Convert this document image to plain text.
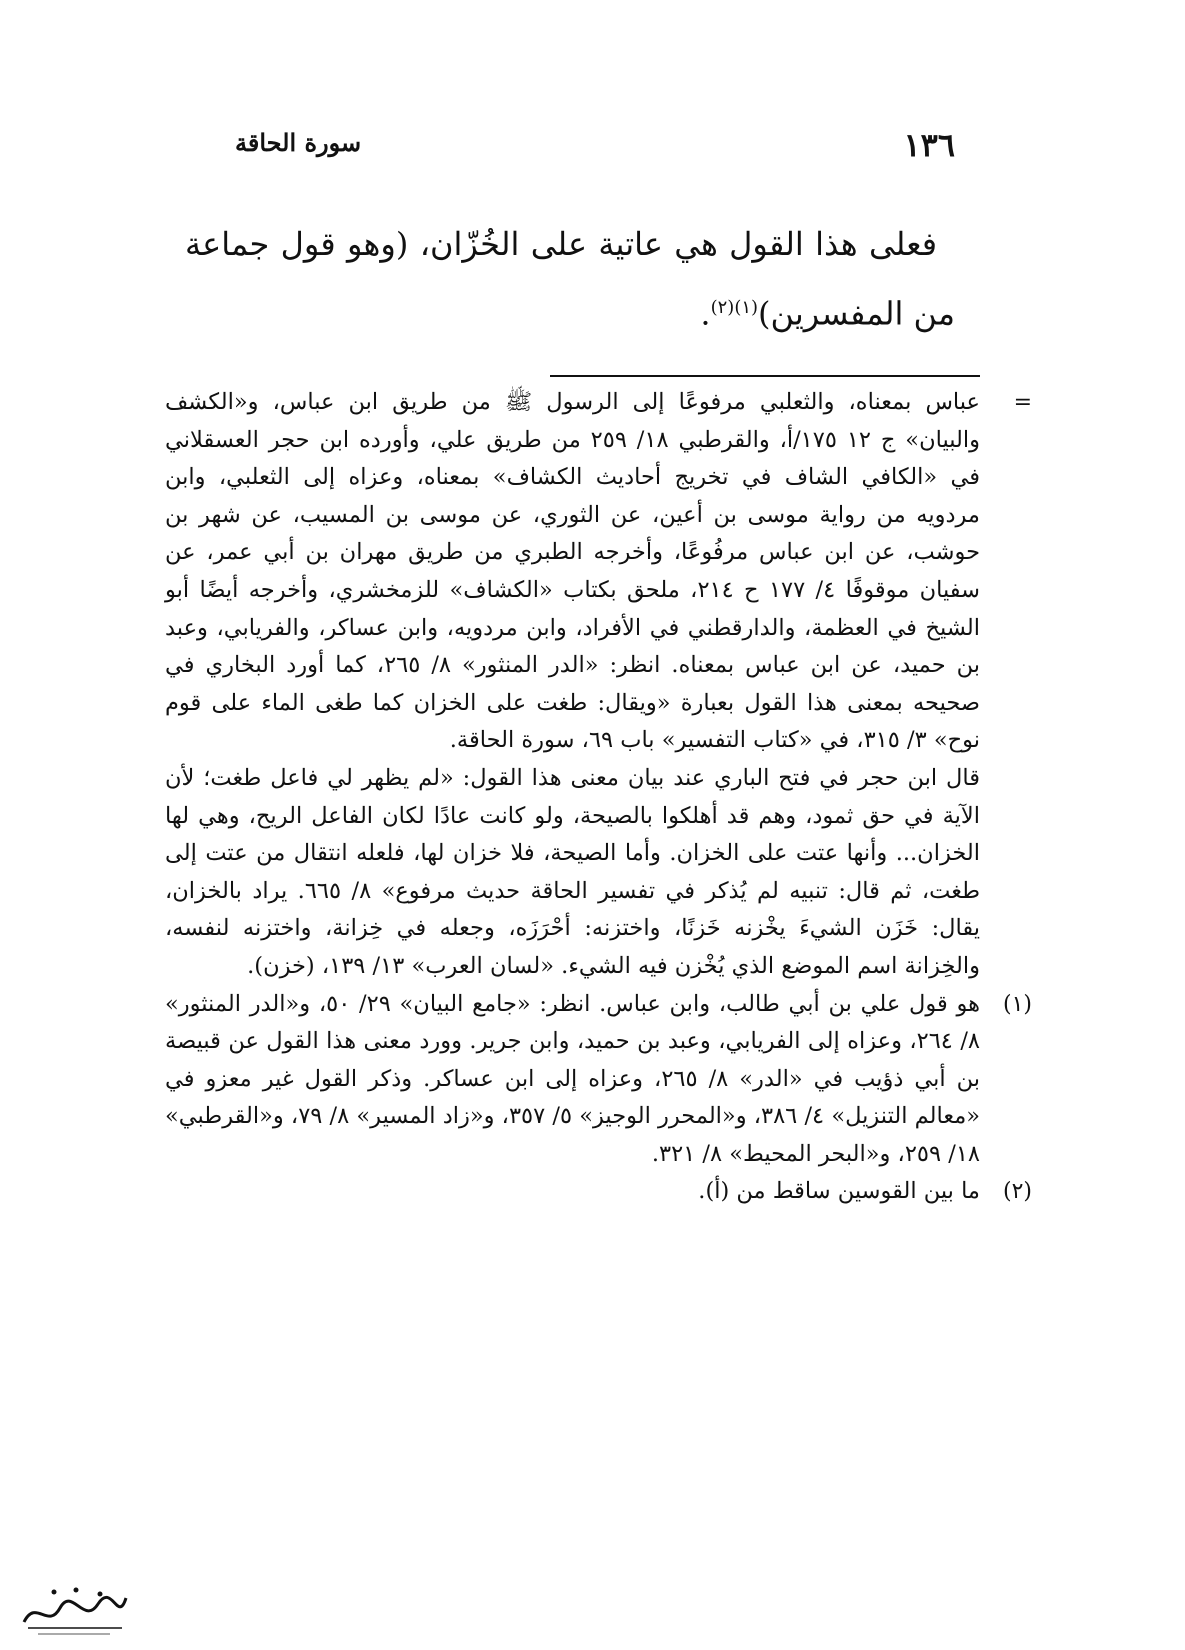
١٣٦
سورة الحاقة

فعلى هذا القول هي عاتية على الخُزّان، (وهو قول جماعة من المفسرين)$^{(١)(٢)}$.

=
عباس بمعناه، والثعلبي مرفوعًا إلى الرسول ﷺ من طريق ابن عباس، و«الكشف والبيان» ج ١٢ ١٧٥/أ، والقرطبي ١٨/ ٢٥٩ من طريق علي، وأورده ابن حجر العسقلاني في «الكافي الشاف في تخريج أحاديث الكشاف» بمعناه، وعزاه إلى الثعلبي، وابن مردويه من رواية موسى بن أعين، عن الثوري، عن موسى بن المسيب، عن شهر بن حوشب، عن ابن عباس مرفُوعًا، وأخرجه الطبري من طريق مهران بن أبي عمر، عن سفيان موقوفًا ٤/ ١٧٧ ح ٢١٤، ملحق بكتاب «الكشاف» للزمخشري، وأخرجه أيضًا أبو الشيخ في العظمة، والدارقطني في الأفراد، وابن مردويه، وابن عساكر، والفريابي، وعبد بن حميد، عن ابن عباس بمعناه. انظر: «الدر المنثور» ٨/ ٢٦٥، كما أورد البخاري في صحيحه بمعنى هذا القول بعبارة «ويقال: طغت على الخزان كما طغى الماء على قوم نوح» ٣/ ٣١٥، في «كتاب التفسير» باب ٦٩، سورة الحاقة.

قال ابن حجر في فتح الباري عند بيان معنى هذا القول: «لم يظهر لي فاعل طغت؛ لأن الآية في حق ثمود، وهم قد أهلكوا بالصيحة، ولو كانت عادًا لكان الفاعل الريح، وهي لها الخزان... وأنها عتت على الخزان. وأما الصيحة، فلا خزان لها، فلعله انتقال من عتت إلى طغت، ثم قال: تنبيه لم يُذكر في تفسير الحاقة حديث مرفوع» ٨/ ٦٦٥. يراد بالخزان، يقال: خَزَن الشيءَ يخْزنه خَزنًا، واختزنه: أحْرَزَه، وجعله في خِزانة، واختزنه لنفسه، والخِزانة اسم الموضع الذي يُخْزن فيه الشيء. «لسان العرب» ١٣/ ١٣٩، (خزن).

(١)
هو قول علي بن أبي طالب، وابن عباس. انظر: «جامع البيان» ٢٩/ ٥٠، و«الدر المنثور» ٨/ ٢٦٤، وعزاه إلى الفريابي، وعبد بن حميد، وابن جرير. وورد معنى هذا القول عن قبيصة بن أبي ذؤيب في «الدر» ٨/ ٢٦٥، وعزاه إلى ابن عساكر. وذكر القول غير معزو في «معالم التنزيل» ٤/ ٣٨٦، و«المحرر الوجيز» ٥/ ٣٥٧، و«زاد المسير» ٨/ ٧٩، و«القرطبي» ١٨/ ٢٥٩، و«البحر المحيط» ٨/ ٣٢١.

(٢)
ما بين القوسين ساقط من (أ).
